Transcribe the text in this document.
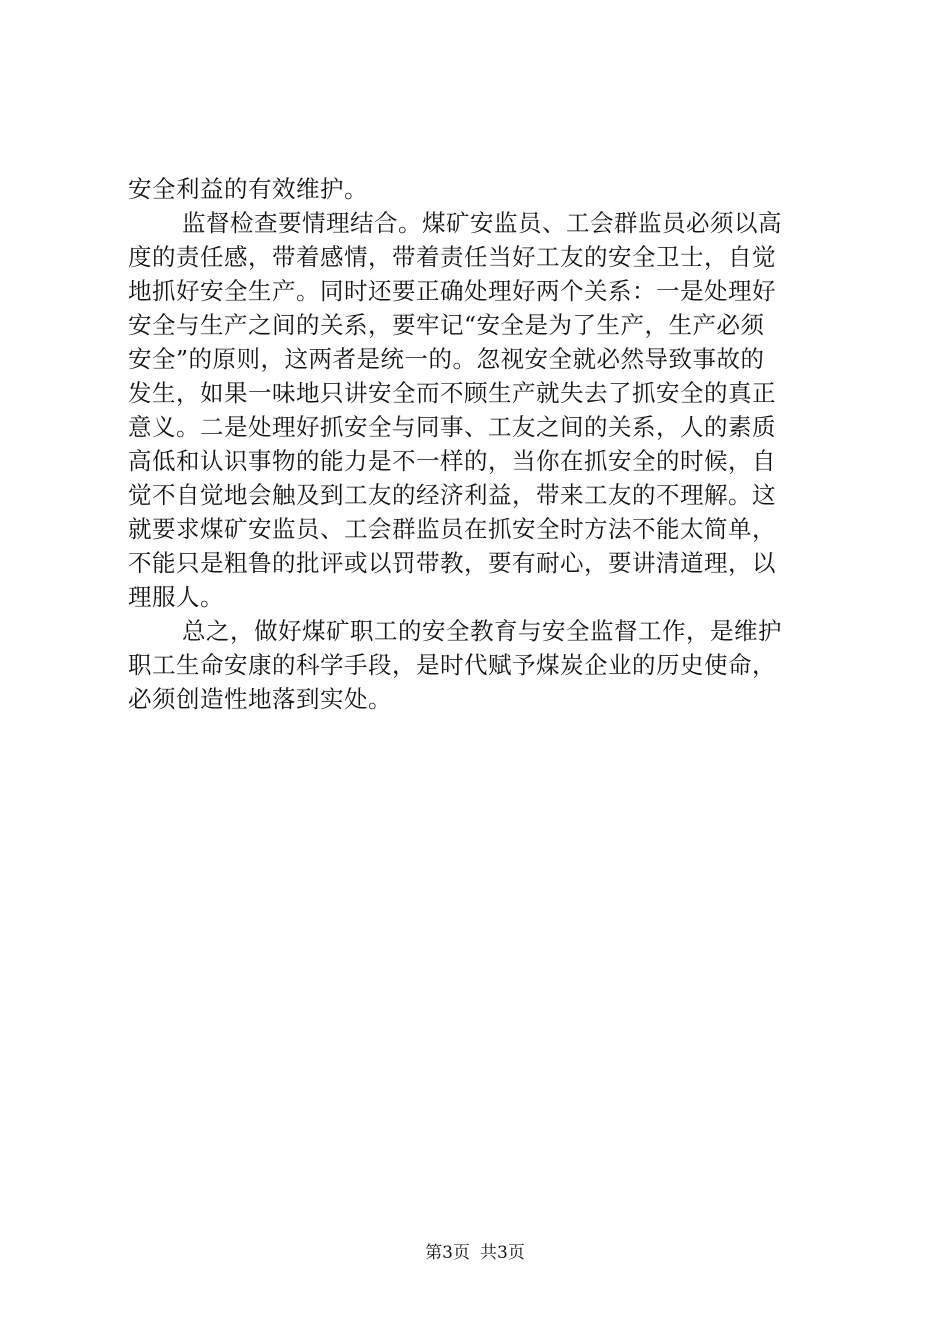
安全利益的有效维护。
监督检查要情理结合。煤矿安监员、工会群监员必须以高
度的责任感，带着感情，带着责任当好工友的安全卫士，自觉
地抓好安全生产。同时还要正确处理好两个关系：一是处理好
安全与生产之间的关系，要牢记“安全是为了生产，生产必须
安全”的原则，这两者是统一的。忽视安全就必然导致事故的
发生，如果一味地只讲安全而不顾生产就失去了抓安全的真正
意义。二是处理好抓安全与同事、工友之间的关系，人的素质
高低和认识事物的能力是不一样的，当你在抓安全的时候，自
觉不自觉地会触及到工友的经济利益，带来工友的不理解。这
就要求煤矿安监员、工会群监员在抓安全时方法不能太简单，
不能只是粗鲁的批评或以罚带教，要有耐心，要讲清道理，以
理服人。
总之，做好煤矿职工的安全教育与安全监督工作，是维护
职工生命安康的科学手段，是时代赋予煤炭企业的历史使命，
必须创造性地落到实处。
第3页 共3页
